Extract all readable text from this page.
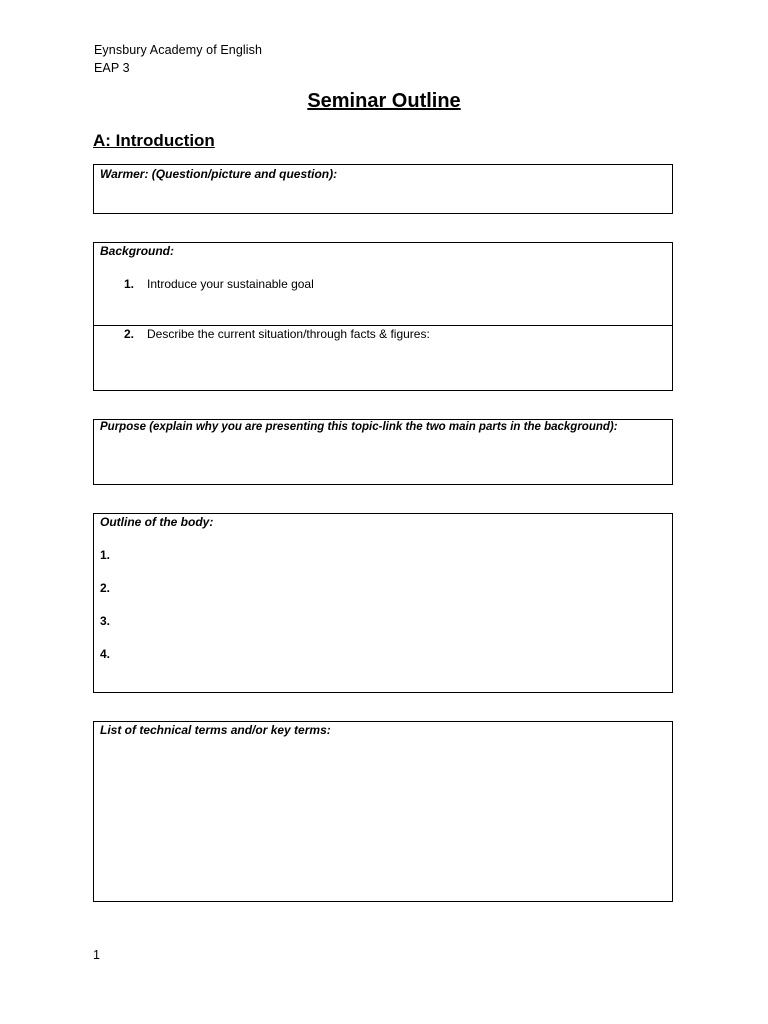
Eynsbury Academy of English
EAP 3
Seminar Outline
A: Introduction
Warmer: (Question/picture and question):
Background:
1. Introduce your sustainable goal
2. Describe the current situation/through facts & figures:
Purpose (explain why you are presenting this topic-link the two main parts in the background):
Outline of the body:
1.
2.
3.
4.
List of technical terms and/or key terms:
1
